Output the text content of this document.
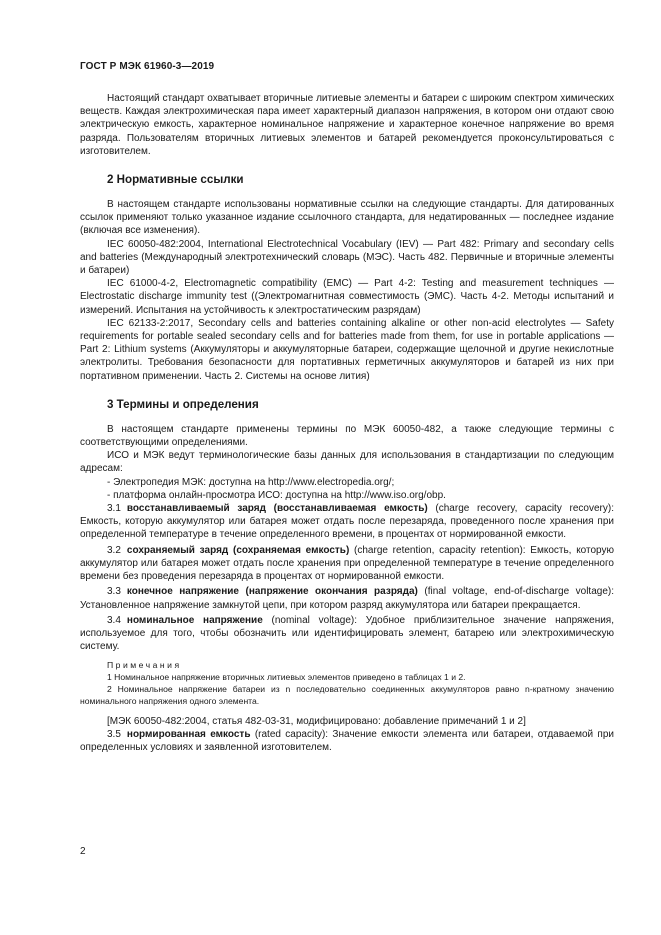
ГОСТ Р МЭК 61960-3—2019

Настоящий стандарт охватывает вторичные литиевые элементы и батареи с широким спектром химических веществ. Каждая электрохимическая пара имеет характерный диапазон напряжения, в котором они отдают свою электрическую емкость, характерное номинальное напряжение и характерное конечное напряжение во время разряда. Пользователям вторичных литиевых элементов и батарей рекомендуется проконсультироваться с изготовителем.

2 Нормативные ссылки

В настоящем стандарте использованы нормативные ссылки на следующие стандарты. Для датированных ссылок применяют только указанное издание ссылочного стандарта, для недатированных — последнее издание (включая все изменения).

IEC 60050-482:2004, International Electrotechnical Vocabulary (IEV) — Part 482: Primary and secondary cells and batteries (Международный электротехнический словарь (МЭС). Часть 482. Первичные и вторичные элементы и батареи)

IEC 61000-4-2, Electromagnetic compatibility (EMC) — Part 4-2: Testing and measurement techniques — Electrostatic discharge immunity test ((Электромагнитная совместимость (ЭМС). Часть 4-2. Методы испытаний и измерений. Испытания на устойчивость к электростатическим разрядам)

IEC 62133-2:2017, Secondary cells and batteries containing alkaline or other non-acid electrolytes — Safety requirements for portable sealed secondary cells and for batteries made from them, for use in portable applications — Part 2: Lithium systems (Аккумуляторы и аккумуляторные батареи, содержащие щелочной и другие некислотные электролиты. Требования безопасности для портативных герметичных аккумуляторов и батарей из них при портативном применении. Часть 2. Системы на основе лития)

3 Термины и определения

В настоящем стандарте применены термины по МЭК 60050-482, а также следующие термины с соответствующими определениями.

ИСО и МЭК ведут терминологические базы данных для использования в стандартизации по следующим адресам:

- Электропедия МЭК: доступна на http://www.electropedia.org/;

- платформа онлайн-просмотра ИСО: доступна на http://www.iso.org/obp.

3.1 восстанавливаемый заряд (восстанавливаемая емкость) (charge recovery, capacity recovery): Емкость, которую аккумулятор или батарея может отдать после перезаряда, проведенного после хранения при определенной температуре в течение определенного времени, в процентах от нормированной емкости.

3.2 сохраняемый заряд (сохраняемая емкость) (charge retention, capacity retention): Емкость, которую аккумулятор или батарея может отдать после хранения при определенной температуре в течение определенного времени без проведения перезаряда в процентах от нормированной емкости.

3.3 конечное напряжение (напряжение окончания разряда) (final voltage, end-of-discharge voltage): Установленное напряжение замкнутой цепи, при котором разряд аккумулятора или батареи прекращается.

3.4 номинальное напряжение (nominal voltage): Удобное приблизительное значение напряжения, используемое для того, чтобы обозначить или идентифицировать элемент, батарею или электрохимическую систему.

Примечания

1 Номинальное напряжение вторичных литиевых элементов приведено в таблицах 1 и 2.

2 Номинальное напряжение батареи из n последовательно соединенных аккумуляторов равно n-кратному значению номинального напряжения одного элемента.

[МЭК 60050-482:2004, статья 482-03-31, модифицировано: добавление примечаний 1 и 2]

3.5 нормированная емкость (rated capacity): Значение емкости элемента или батареи, отдаваемой при определенных условиях и заявленной изготовителем.

2
